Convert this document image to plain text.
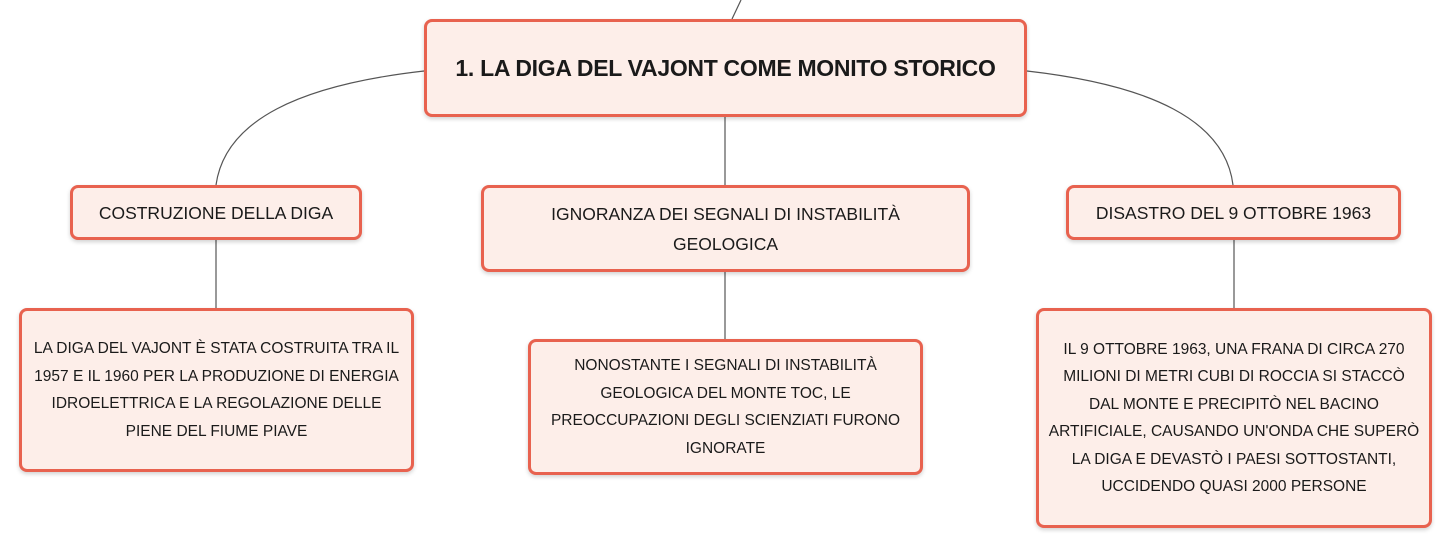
1. LA DIGA DEL VAJONT COME MONITO STORICO
COSTRUZIONE DELLA DIGA	IGNORANZA DEI SEGNALI DI INSTABILITÀ GEOLOGICA
DISASTRO DEL 9 OTTOBRE 1963
LA DIGA DEL VAJONT È STATA COSTRUITA TRA IL 1957 E IL 1960 PER LA PRODUZIONE DI ENERGIA IDROELETTRICA E LA REGOLAZIONE DELLE PIENE DEL FIUME PIAVE
NONOSTANTE I SEGNALI DI INSTABILITÀ GEOLOGICA DEL MONTE TOC, LE PREOCCUPAZIONI DEGLI SCIENZIATI FURONO IGNORATE
IL 9 OTTOBRE 1963, UNA FRANA DI CIRCA 270 MILIONI DI METRI CUBI DI ROCCIA SI STACCÒ DAL MONTE E PRECIPITÒ NEL BACINO ARTIFICIALE, CAUSANDO UN'ONDA CHE SUPERÒ LA DIGA E DEVASTÒ I PAESI SOTTOSTANTI, UCCIDENDO QUASI 2000 PERSONE
